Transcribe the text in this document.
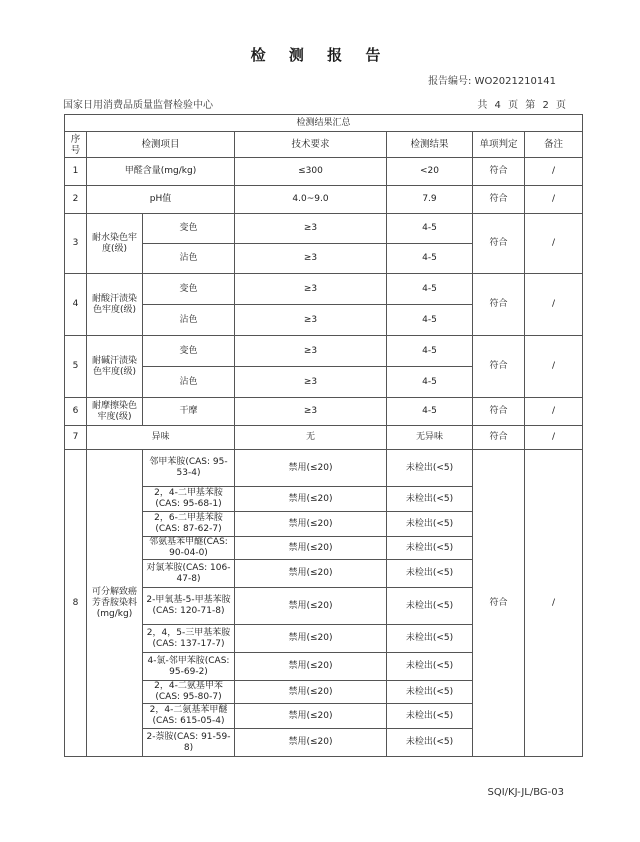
检 测 报 告
报告编号: WO2021210141
国家日用消费品质量监督检验中心	共 4 页 第 2 页
检测结果汇总						
序号	检测项目		技术要求	检测结果	单项判定	备注
1	甲醛含量(mg/kg)		≤300	<20	符合	/
2	pH值		4.0~9.0	7.9	符合	/
3	耐水染色牢度(级)	变色	≥3	4-5	符合	/
		沾色	≥3	4-5		
4	耐酸汗渍染色牢度(级)	变色	≥3	4-5	符合	/
		沾色	≥3	4-5		
5	耐碱汗渍染色牢度(级)	变色	≥3	4-5	符合	/
		沾色	≥3	4-5		
6	耐摩擦染色牢度(级)	干摩	≥3	4-5	符合	/
7	异味		无	无异味	符合	/
8	可分解致癌芳香胺染料(mg/kg)	邻甲苯胺(CAS: 95-53-4)	禁用(≤20)	未检出(<5)	符合	/
		2，4-二甲基苯胺(CAS: 95-68-1)	禁用(≤20)	未检出(<5)		
		2，6-二甲基苯胺(CAS: 87-62-7)	禁用(≤20)	未检出(<5)		
		邻氨基苯甲醚(CAS: 90-04-0)	禁用(≤20)	未检出(<5)		
		对氯苯胺(CAS: 106-47-8)	禁用(≤20)	未检出(<5)		
		2-甲氧基-5-甲基苯胺(CAS: 120-71-8)	禁用(≤20)	未检出(<5)		
		2，4，5-三甲基苯胺(CAS: 137-17-7)	禁用(≤20)	未检出(<5)		
		4-氯-邻甲苯胺(CAS: 95-69-2)	禁用(≤20)	未检出(<5)		
		2，4-二氨基甲苯(CAS: 95-80-7)	禁用(≤20)	未检出(<5)		
		2，4-二氨基苯甲醚(CAS: 615-05-4)	禁用(≤20)	未检出(<5)		
		2-萘胺(CAS: 91-59-8)	禁用(≤20)	未检出(<5)		
SQI/KJ-JL/BG-03
